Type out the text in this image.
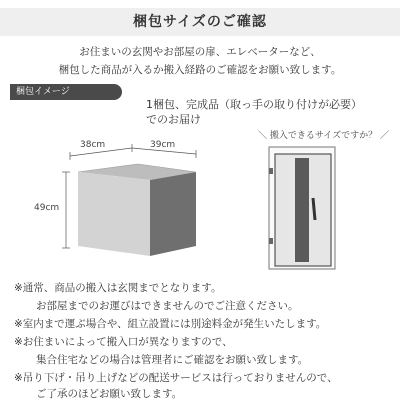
梱包サイズのご確認
お住まいの玄関やお部屋の扉、エレベーターなど、
梱包した商品が入るか搬入経路のご確認をお願い致します。
梱包イメージ
1梱包、完成品（取っ手の取り付けが必要）
でのお届け
＼ 搬入できるサイズですか？ ／
38cm	39cm
49cm
※通常、商品の搬入は玄関までとなります。
お部屋までのお運びはできませんのでご注意ください。
※室内まで運ぶ場合や、組立設置には別途料金が発生いたします。
※お住まいによって搬入口が異なりますので、
集合住宅などの場合は管理者にご確認をお願い致します。
※吊り下げ・吊り上げなどの配送サービスは行っておりませんので、
ご了承のほどお願い致します。
